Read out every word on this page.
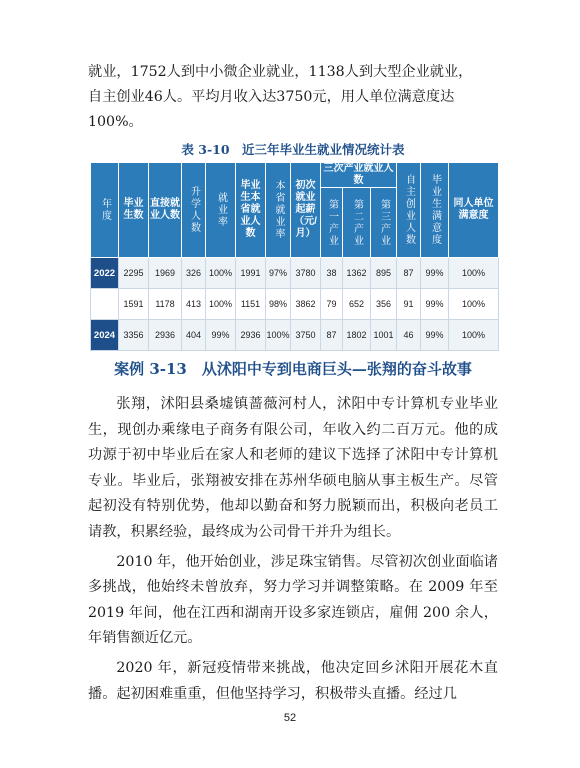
就业，1752人到中小微企业就业，1138人到大型企业就业，
自主创业46人。平均月收入达3750元，用人单位满意度达
100%。

表 3-10　近三年毕业生就业情况统计表
年度	毕业生数	直接就业人数	升学人数	就业率	毕业生本省就业人数	本省就业率	初次就业起薪（元/月）	三次产业就业人数			自主创业人数	毕业生满意度	同人单位满意度
								第一产业	第二产业	第三产业			
2022	2295	1969	326	100%	1991	97%	3780	38	1362	895	87	99%	100%
2023	1591	1178	413	100%	1151	98%	3862	79	652	356	91	99%	100%
2024	3356	2936	404	99%	2936	100%	3750	87	1802	1001	46	99%	100%
案例 3-13　从沭阳中专到电商巨头—张翔的奋斗故事

张翔，沭阳县桑墟镇蔷薇河村人，沭阳中专计算机专业毕业生，现创办乘缘电子商务有限公司，年收入约二百万元。他的成功源于初中毕业后在家人和老师的建议下选择了沭阳中专计算机专业。毕业后，张翔被安排在苏州华硕电脑从事主板生产。尽管起初没有特别优势，他却以勤奋和努力脱颖而出，积极向老员工请教，积累经验，最终成为公司骨干并升为组长。

2010 年，他开始创业，涉足珠宝销售。尽管初次创业面临诸多挑战，他始终未曾放弃，努力学习并调整策略。在 2009 年至 2019 年间，他在江西和湖南开设多家连锁店，雇佣 200 余人，年销售额近亿元。

2020 年，新冠疫情带来挑战，他决定回乡沭阳开展花木直播。起初困难重重，但他坚持学习，积极带头直播。经过几

52
